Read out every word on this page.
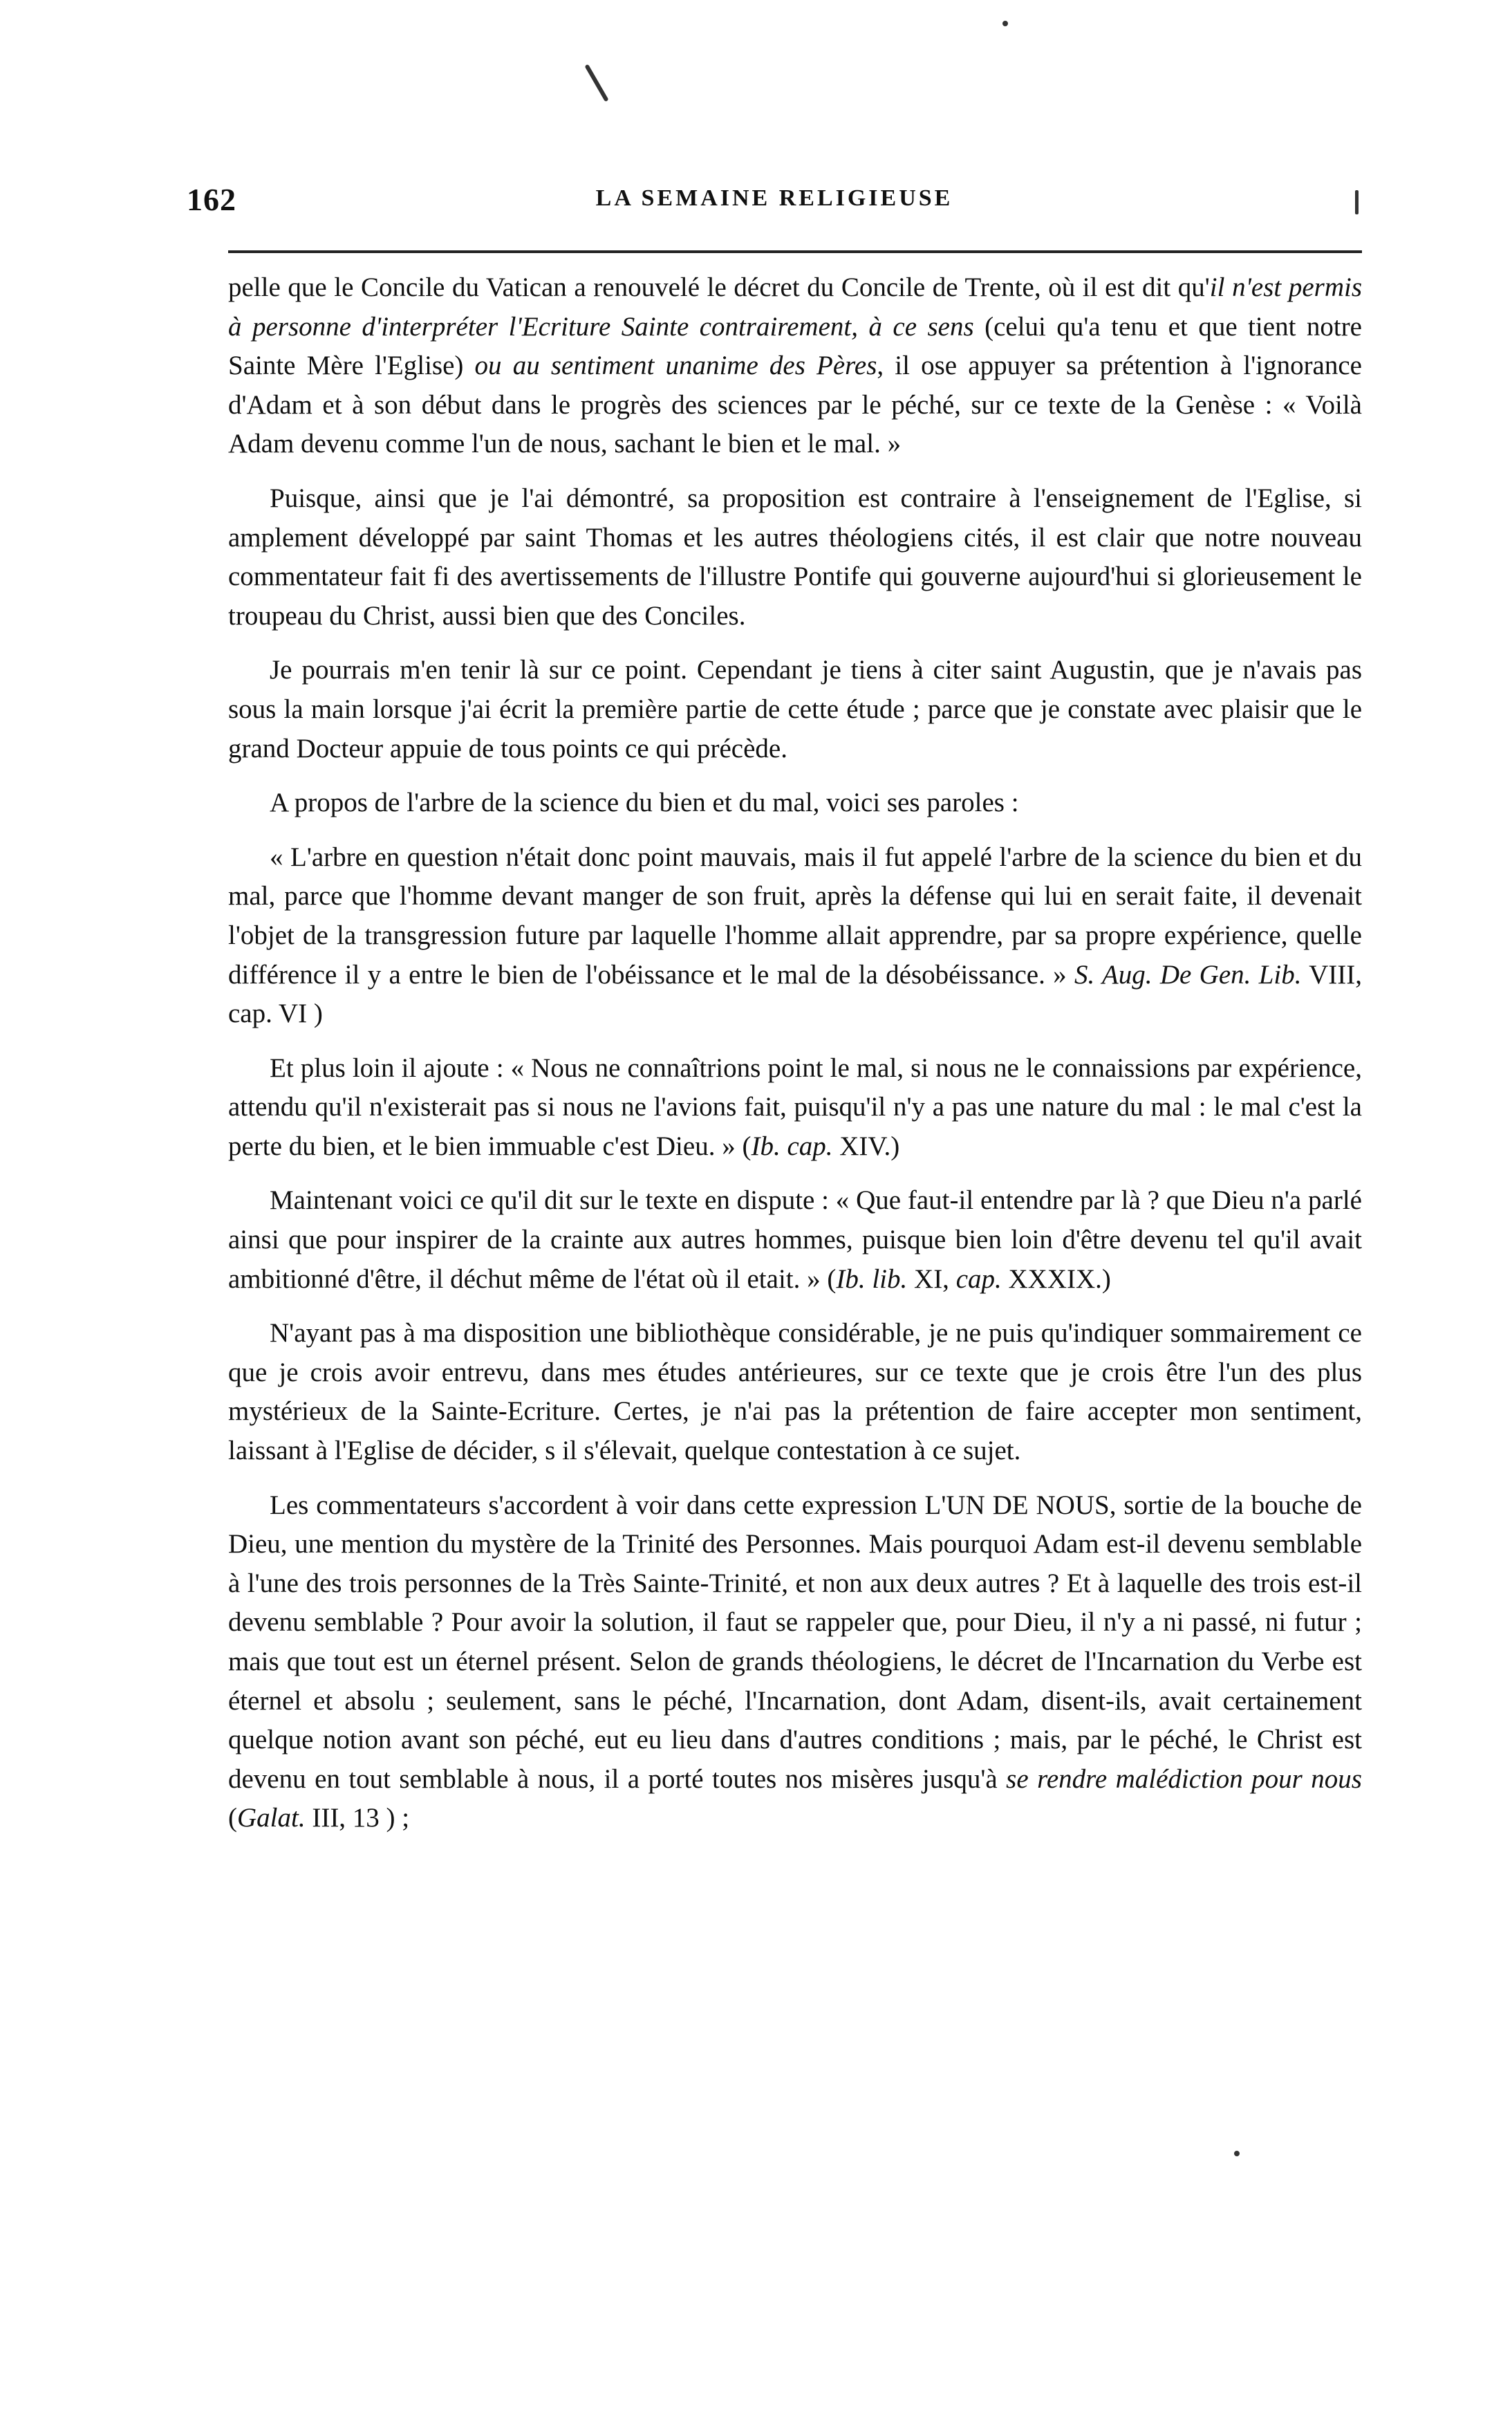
162	LA SEMAINE RELIGIEUSE

pelle que le Concile du Vatican a renouvelé le décret du Concile de Trente, où il est dit qu'il n'est permis à personne d'interpréter l'Ecriture Sainte contrairement, à ce sens (celui qu'a tenu et que tient notre Sainte Mère l'Eglise) ou au sentiment unanime des Pères, il ose appuyer sa prétention à l'ignorance d'Adam et à son début dans le progrès des sciences par le péché, sur ce texte de la Genèse : « Voilà Adam devenu comme l'un de nous, sachant le bien et le mal. »

Puisque, ainsi que je l'ai démontré, sa proposition est contraire à l'enseignement de l'Eglise, si amplement développé par saint Thomas et les autres théologiens cités, il est clair que notre nouveau commentateur fait fi des avertissements de l'illustre Pontife qui gouverne aujourd'hui si glorieusement le troupeau du Christ, aussi bien que des Conciles.

Je pourrais m'en tenir là sur ce point. Cependant je tiens à citer saint Augustin, que je n'avais pas sous la main lorsque j'ai écrit la première partie de cette étude ; parce que je constate avec plaisir que le grand Docteur appuie de tous points ce qui précède.

A propos de l'arbre de la science du bien et du mal, voici ses paroles :

« L'arbre en question n'était donc point mauvais, mais il fut appelé l'arbre de la science du bien et du mal, parce que l'homme devant manger de son fruit, après la défense qui lui en serait faite, il devenait l'objet de la transgression future par laquelle l'homme allait apprendre, par sa propre expérience, quelle différence il y a entre le bien de l'obéissance et le mal de la désobéissance. » S. Aug. De Gen. Lib. VIII, cap. VI )

Et plus loin il ajoute : « Nous ne connaîtrions point le mal, si nous ne le connaissions par expérience, attendu qu'il n'existerait pas si nous ne l'avions fait, puisqu'il n'y a pas une nature du mal : le mal c'est la perte du bien, et le bien immuable c'est Dieu. » (Ib. cap. XIV.)

Maintenant voici ce qu'il dit sur le texte en dispute : « Que faut-il entendre par là ? que Dieu n'a parlé ainsi que pour inspirer de la crainte aux autres hommes, puisque bien loin d'être devenu tel qu'il avait ambitionné d'être, il déchut même de l'état où il etait. » (Ib. lib. XI, cap. XXXIX.)

N'ayant pas à ma disposition une bibliothèque considérable, je ne puis qu'indiquer sommairement ce que je crois avoir entrevu, dans mes études antérieures, sur ce texte que je crois être l'un des plus mystérieux de la Sainte-Ecriture. Certes, je n'ai pas la prétention de faire accepter mon sentiment, laissant à l'Eglise de décider, s il s'élevait, quelque contestation à ce sujet.

Les commentateurs s'accordent à voir dans cette expression L'UN DE NOUS, sortie de la bouche de Dieu, une mention du mystère de la Trinité des Personnes. Mais pourquoi Adam est-il devenu semblable à l'une des trois personnes de la Très Sainte-Trinité, et non aux deux autres ? Et à laquelle des trois est-il devenu semblable ? Pour avoir la solution, il faut se rappeler que, pour Dieu, il n'y a ni passé, ni futur ; mais que tout est un éternel présent. Selon de grands théologiens, le décret de l'Incarnation du Verbe est éternel et absolu ; seulement, sans le péché, l'Incarnation, dont Adam, disent-ils, avait certainement quelque notion avant son péché, eut eu lieu dans d'autres conditions ; mais, par le péché, le Christ est devenu en tout semblable à nous, il a porté toutes nos misères jusqu'à se rendre malédiction pour nous (Galat. III, 13 ) ;
